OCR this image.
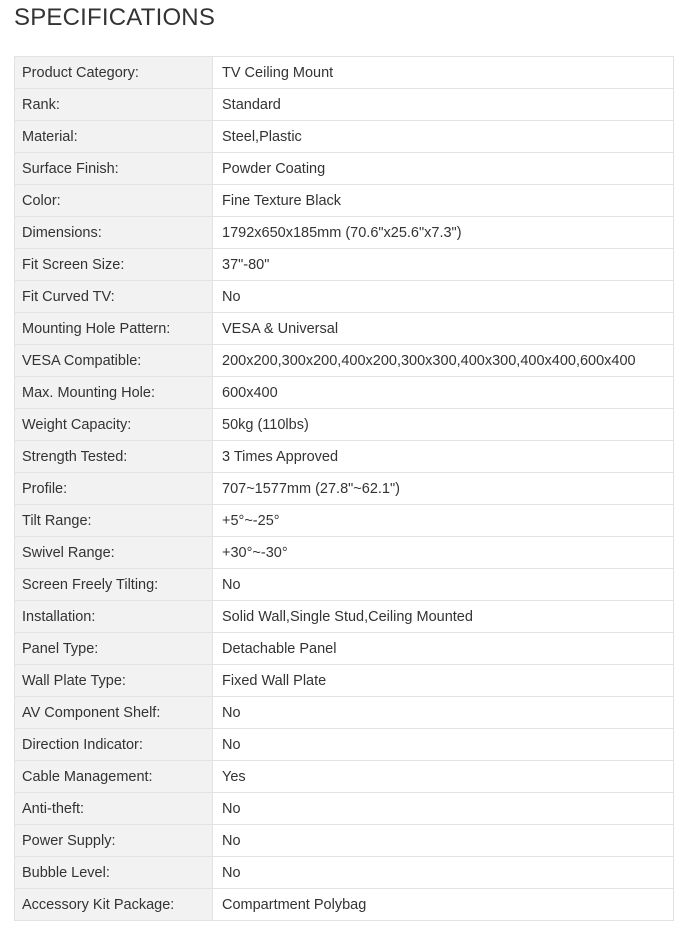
SPECIFICATIONS
Product Category:	TV Ceiling Mount
Rank:	Standard
Material:	Steel,Plastic
Surface Finish:	Powder Coating
Color:	Fine Texture Black
Dimensions:	1792x650x185mm (70.6"x25.6"x7.3")
Fit Screen Size:	37"-80"
Fit Curved TV:	No
Mounting Hole Pattern:	VESA & Universal
VESA Compatible:	200x200,300x200,400x200,300x300,400x300,400x400,600x400
Max. Mounting Hole:	600x400
Weight Capacity:	50kg (110lbs)
Strength Tested:	3 Times Approved
Profile:	707~1577mm (27.8"~62.1")
Tilt Range:	+5°~-25°
Swivel Range:	+30°~-30°
Screen Freely Tilting:	No
Installation:	Solid Wall,Single Stud,Ceiling Mounted
Panel Type:	Detachable Panel
Wall Plate Type:	Fixed Wall Plate
AV Component Shelf:	No
Direction Indicator:	No
Cable Management:	Yes
Anti-theft:	No
Power Supply:	No
Bubble Level:	No
Accessory Kit Package:	Compartment Polybag
